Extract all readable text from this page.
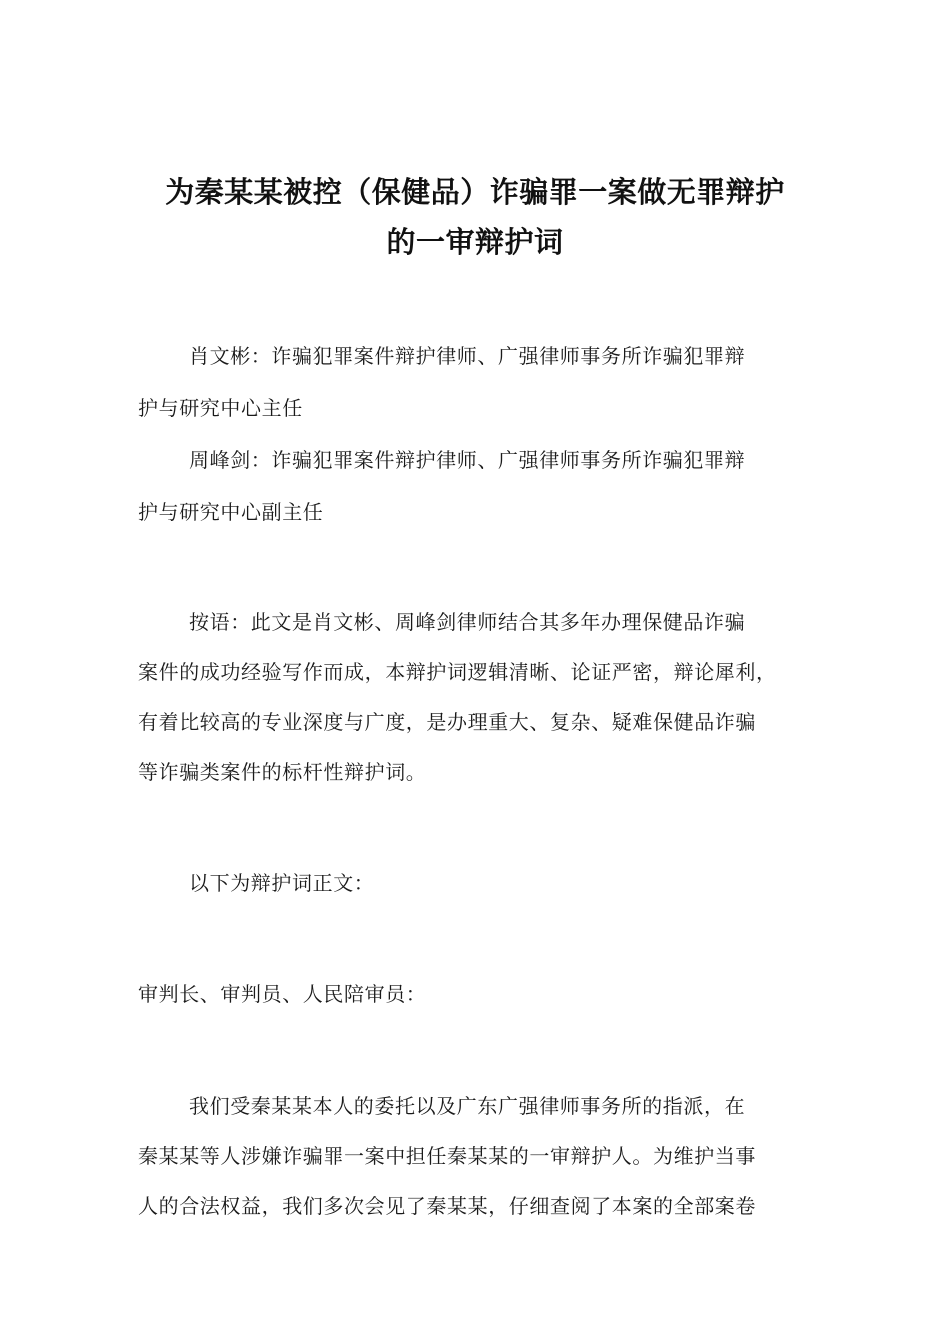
为秦某某被控（保健品）诈骗罪一案做无罪辩护
的一审辩护词
肖文彬：诈骗犯罪案件辩护律师、广强律师事务所诈骗犯罪辩
护与研究中心主任
周峰剑：诈骗犯罪案件辩护律师、广强律师事务所诈骗犯罪辩
护与研究中心副主任
按语：此文是肖文彬、周峰剑律师结合其多年办理保健品诈骗
案件的成功经验写作而成，本辩护词逻辑清晰、论证严密，辩论犀利，
有着比较高的专业深度与广度，是办理重大、复杂、疑难保健品诈骗
等诈骗类案件的标杆性辩护词。
以下为辩护词正文：
审判长、审判员、人民陪审员：
我们受秦某某本人的委托以及广东广强律师事务所的指派，在
秦某某等人涉嫌诈骗罪一案中担任秦某某的一审辩护人。为维护当事
人的合法权益，我们多次会见了秦某某，仔细查阅了本案的全部案卷
